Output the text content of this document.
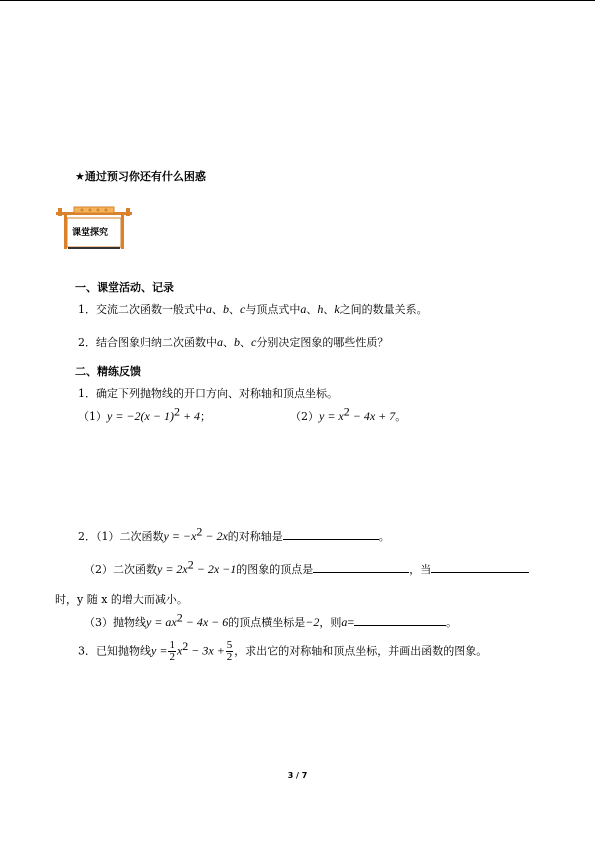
★通过预习你还有什么困惑
课堂探究
一、课堂活动、记录
1．交流二次函数一般式中a、b、c与顶点式中a、h、k之间的数量关系。
2．结合图象归纳二次函数中a、b、c分别决定图象的哪些性质？
二、精练反馈
1．确定下列抛物线的开口方向、对称轴和顶点坐标。
$(1)y = -2(x - 1)^2 + 4$；	$(2)y = x^2 - 4x + 7$。
2．（1）二次函数$y = -x^2 - 2x$的对称轴是	。
（2）二次函数$y = 2x^2 - 2x -1$的图象的顶点是	，当
时，y 随 x 的增大而减小。
（3）抛物线$y = ax^2 - 4x - 6$的顶点横坐标是−2，则a=	。
3．已知抛物线$y = \frac{1}{2} x^2 - 3x + \frac{5}{2}$ ，求出它的对称轴和顶点坐标，并画出函数的图象。
3 / 7
